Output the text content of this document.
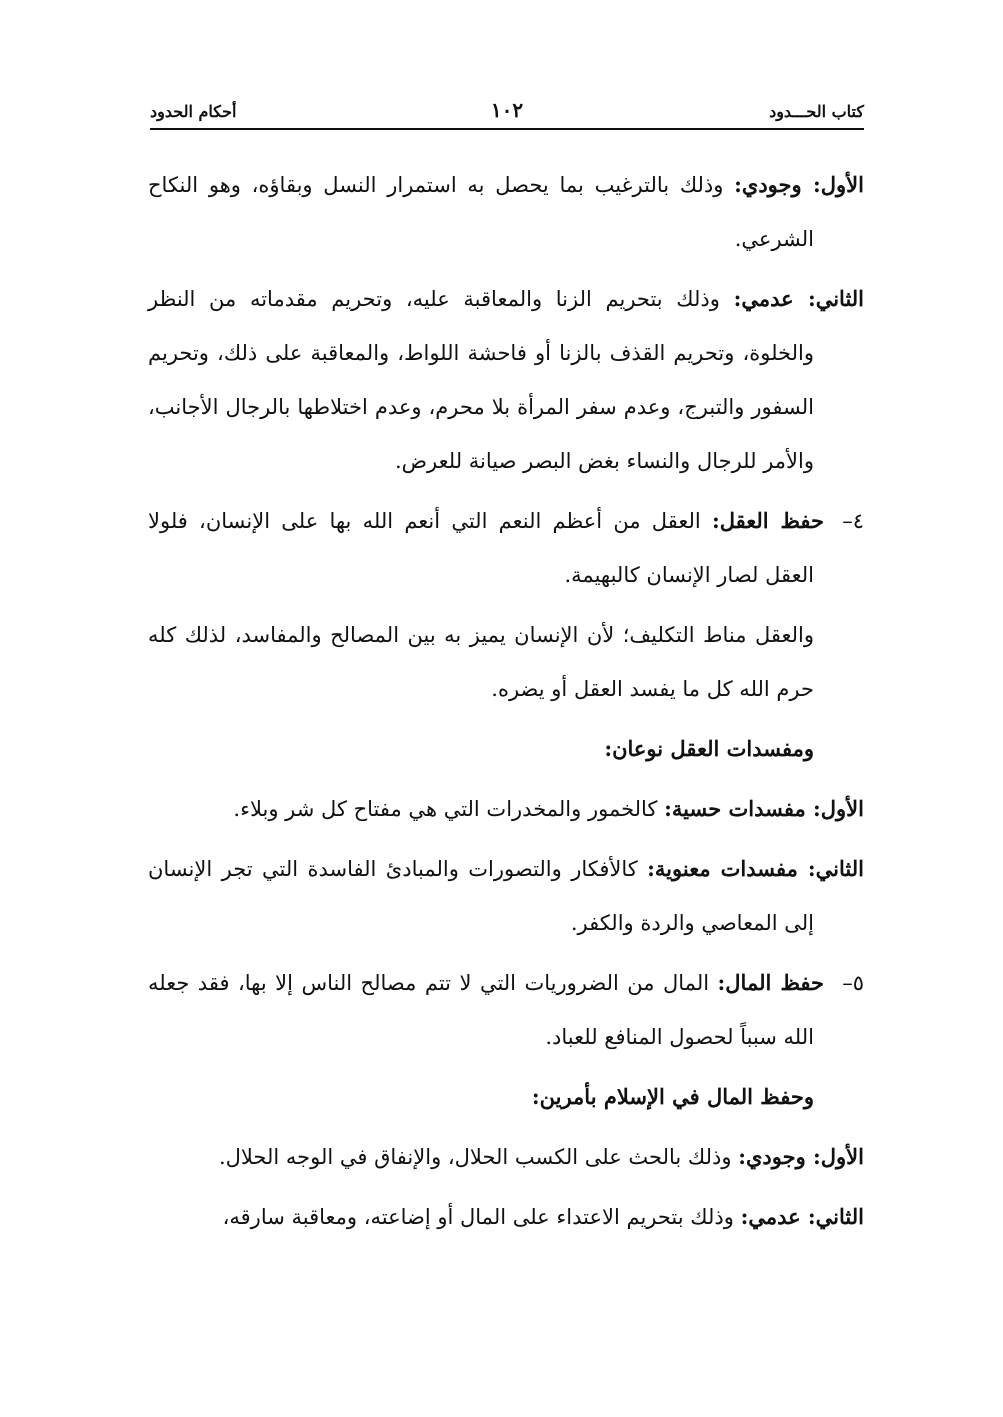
كتاب الحـــدود
١٠٢
أحكام الحدود

الأول: وجودي: وذلك بالترغيب بما يحصل به استمرار النسل وبقاؤه، وهو النكاح الشرعي.

الثاني: عدمي: وذلك بتحريم الزنا والمعاقبة عليه، وتحريم مقدماته من النظر والخلوة، وتحريم القذف بالزنا أو فاحشة اللواط، والمعاقبة على ذلك، وتحريم السفور والتبرج، وعدم سفر المرأة بلا محرم، وعدم اختلاطها بالرجال الأجانب، والأمر للرجال والنساء بغض البصر صيانة للعرض.

٤–حفظ العقل: العقل من أعظم النعم التي أنعم الله بها على الإنسان، فلولا العقل لصار الإنسان كالبهيمة.

والعقل مناط التكليف؛ لأن الإنسان يميز به بين المصالح والمفاسد، لذلك كله حرم الله كل ما يفسد العقل أو يضره.

ومفسدات العقل نوعان:

الأول: مفسدات حسية: كالخمور والمخدرات التي هي مفتاح كل شر وبلاء.

الثاني: مفسدات معنوية: كالأفكار والتصورات والمبادئ الفاسدة التي تجر الإنسان إلى المعاصي والردة والكفر.

٥–حفظ المال: المال من الضروريات التي لا تتم مصالح الناس إلا بها، فقد جعله الله سبباً لحصول المنافع للعباد.

وحفظ المال في الإسلام بأمرين:

الأول: وجودي: وذلك بالحث على الكسب الحلال، والإنفاق في الوجه الحلال.

الثاني: عدمي: وذلك بتحريم الاعتداء على المال أو إضاعته، ومعاقبة سارقه،
